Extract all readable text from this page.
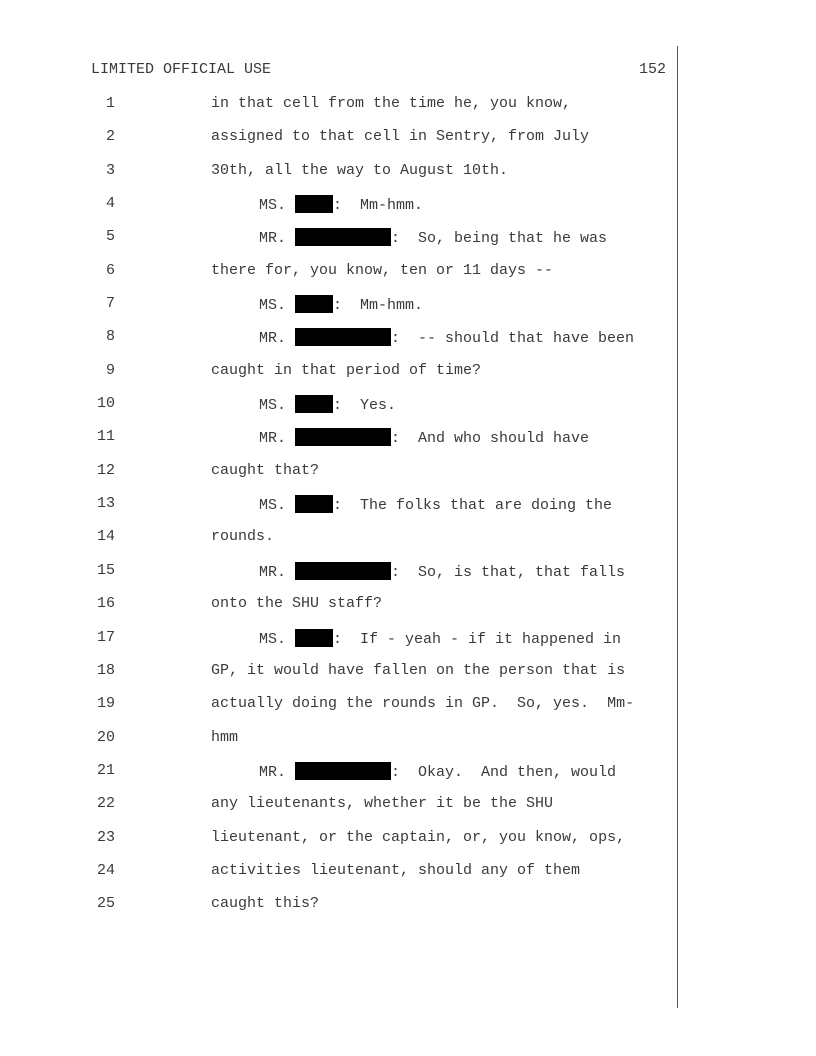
LIMITED OFFICIAL USE	152
1	in that cell from the time he, you know,
2	assigned to that cell in Sentry, from July
3	30th, all the way to August 10th.
4	MS.	:  Mm-hmm.
5	MR.	:  So, being that he was
6	there for, you know, ten or 11 days --
7	MS.	:  Mm-hmm.
8	MR.	:  -- should that have been
9	caught in that period of time?
10	MS.	:  Yes.
11	MR.	:  And who should have
12	caught that?
13	MS.	:  The folks that are doing the
14	rounds.
15	MR.	:  So, is that, that falls
16	onto the SHU staff?
17	MS.	:  If - yeah - if it happened in
18	GP, it would have fallen on the person that is
19	actually doing the rounds in GP.  So, yes.  Mm-
20	hmm
21	MR.	:  Okay.  And then, would
22	any lieutenants, whether it be the SHU
23	lieutenant, or the captain, or, you know, ops,
24	activities lieutenant, should any of them
25	caught this?
